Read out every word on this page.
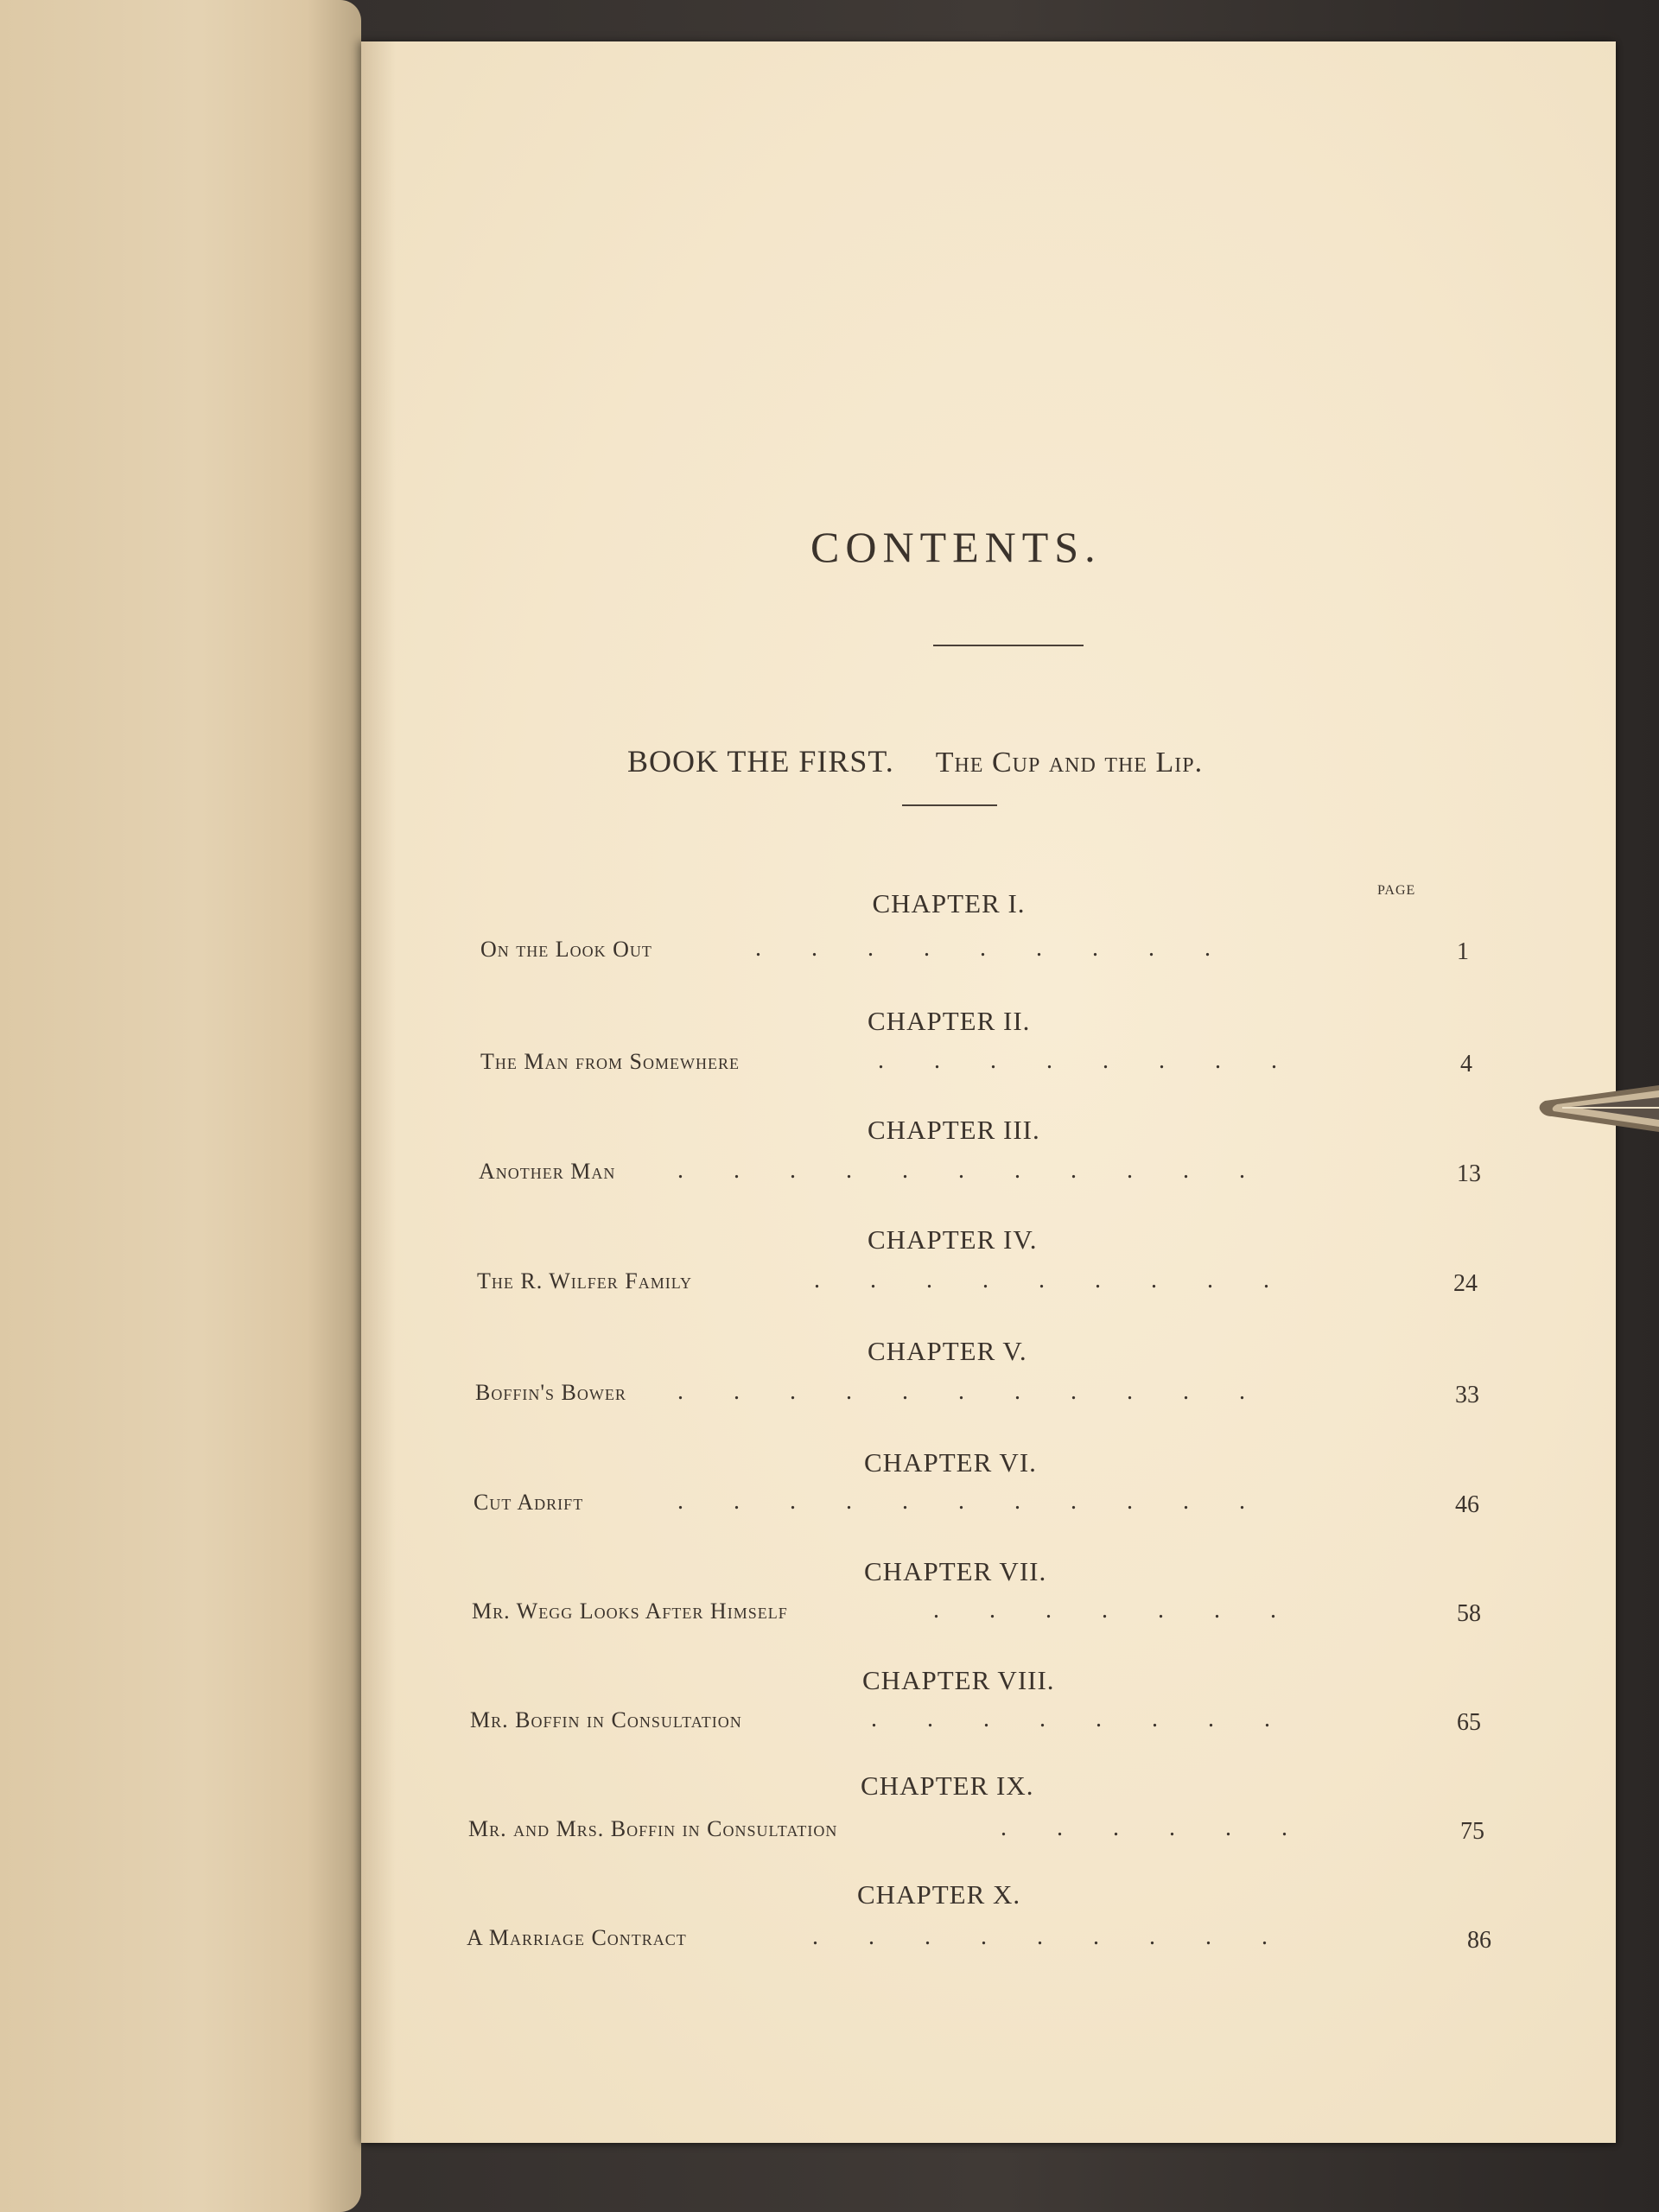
CONTENTS.
BOOK THE FIRST. The Cup and the Lip.
PAGE
CHAPTER I.
On the Look Out	.........	1
CHAPTER II.
The Man from Somewhere	........	4
CHAPTER III.
Another Man	...........	13
CHAPTER IV.
The R. Wilfer Family	.........	24
CHAPTER V.
Boffin's Bower ...........	33
CHAPTER VI.
Cut Adrift	...........	46
CHAPTER VII.
Mr. Wegg Looks After Himself	.......	58
CHAPTER VIII.
Mr. Boffin in Consultation	........	65
CHAPTER IX.
Mr. and Mrs. Boffin in Consultation	......	75
CHAPTER X.
A Marriage Contract	.........	86
